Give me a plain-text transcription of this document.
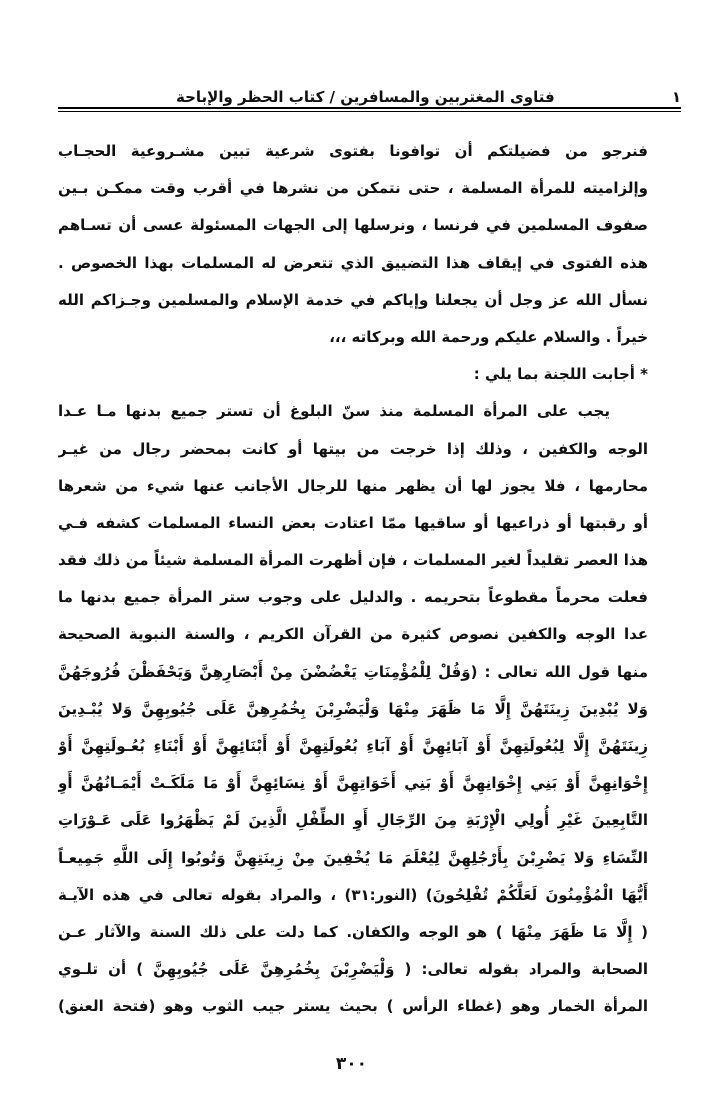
١
فتاوى المغتربين والمسافرين / كتاب الحظر والإباحة
فنرجو من فضيلتكم أن توافونا بفتوى شرعية تبين مشـروعية الحجـاب
وإلزاميته للمرأة المسلمة ، حتى نتمكن من نشرها في أقرب وقت ممكـن بـين
صفوف المسلمين في فرنسا ، ونرسلها إلى الجهات المسئولة عسى أن تسـاهم
هذه الفتوى في إيقاف هذا التضييق الذي تتعرض له المسلمات بهذا الخصوص .
نسأل الله عز وجل أن يجعلنا وإياكم في خدمة الإسلام والمسلمين وجـزاكم الله
خيراً . والسلام عليكم ورحمة الله وبركاته ،،،
* أجابت اللجنة بما يلي :
يجب على المرأة المسلمة منذ سنّ البلوغ أن تستر جميع بدنها مـا عـدا
الوجه والكفين ، وذلك إذا خرجت من بيتها أو كانت بمحضر رجال من غيـر
محارمها ، فلا يجوز لها أن يظهر منها للرجال الأجانب عنها شيء من شعرها
أو رقبتها أو ذراعيها أو ساقيها ممّا اعتادت بعض النساء المسلمات كشفه فـي
هذا العصر تقليداً لغير المسلمات ، فإن أظهرت المرأة المسلمة شيئاً من ذلك فقد
فعلت محرماً مقطوعاً بتحريمه . والدليل على وجوب ستر المرأة جميع بدنها ما
عدا الوجه والكفين نصوص كثيرة من القرآن الكريم ، والسنة النبوية الصحيحة
منها قول الله تعالى : (وَقُلْ لِلْمُؤْمِنَاتِ يَغْضُضْنَ مِنْ أَبْصَارِهِنَّ وَيَحْفَظْنَ فُرُوجَهُنَّ
وَلا يُبْدِينَ زِينَتَهُنَّ إِلَّا مَا ظَهَرَ مِنْهَا وَلْيَضْرِبْنَ بِخُمُرِهِنَّ عَلَى جُيُوبِهِنَّ وَلا يُبْـدِينَ
زِينَتَهُنَّ إِلَّا لِبُعُولَتِهِنَّ أَوْ آبَائِهِنَّ أَوْ آبَاءِ بُعُولَتِهِنَّ أَوْ أَبْنَائِهِنَّ أَوْ أَبْنَاءِ بُعُـولَتِهِنَّ أَوْ
إِخْوَانِهِنَّ أَوْ بَنِي إِخْوَانِهِنَّ أَوْ بَنِي أَخَوَاتِهِنَّ أَوْ نِسَائِهِنَّ أَوْ مَا مَلَكَـتْ أَيْمَـانُهُنَّ أَوِ
التَّابِعِينَ غَيْرِ أُولِي الْإِرْبَةِ مِنَ الرِّجَالِ أَوِ الطِّفْلِ الَّذِينَ لَمْ يَظْهَرُوا عَلَى عَـوْرَاتِ
النِّسَاءِ وَلا يَضْرِبْنَ بِأَرْجُلِهِنَّ لِيُعْلَمَ مَا يُخْفِينَ مِنْ زِينَتِهِنَّ وَتُوبُوا إِلَى اللَّهِ جَمِيعـاً
أَيُّهَا الْمُؤْمِنُونَ لَعَلَّكُمْ تُفْلِحُونَ) (النور:٣١) ، والمراد بقوله تعالى في هذه الآيـة
( إِلَّا مَا ظَهَرَ مِنْهَا ) هو الوجه والكفان. كما دلت على ذلك السنة والآثار عـن
الصحابة والمراد بقوله تعالى: ( وَلْيَضْرِبْنَ بِخُمُرِهِنَّ عَلَى جُيُوبِهِنَّ ) أن تلـوي
المرأة الخمار وهو (غطاء الرأس ) بحيث يستر جيب الثوب وهو (فتحة العنق)
٣٠٠
